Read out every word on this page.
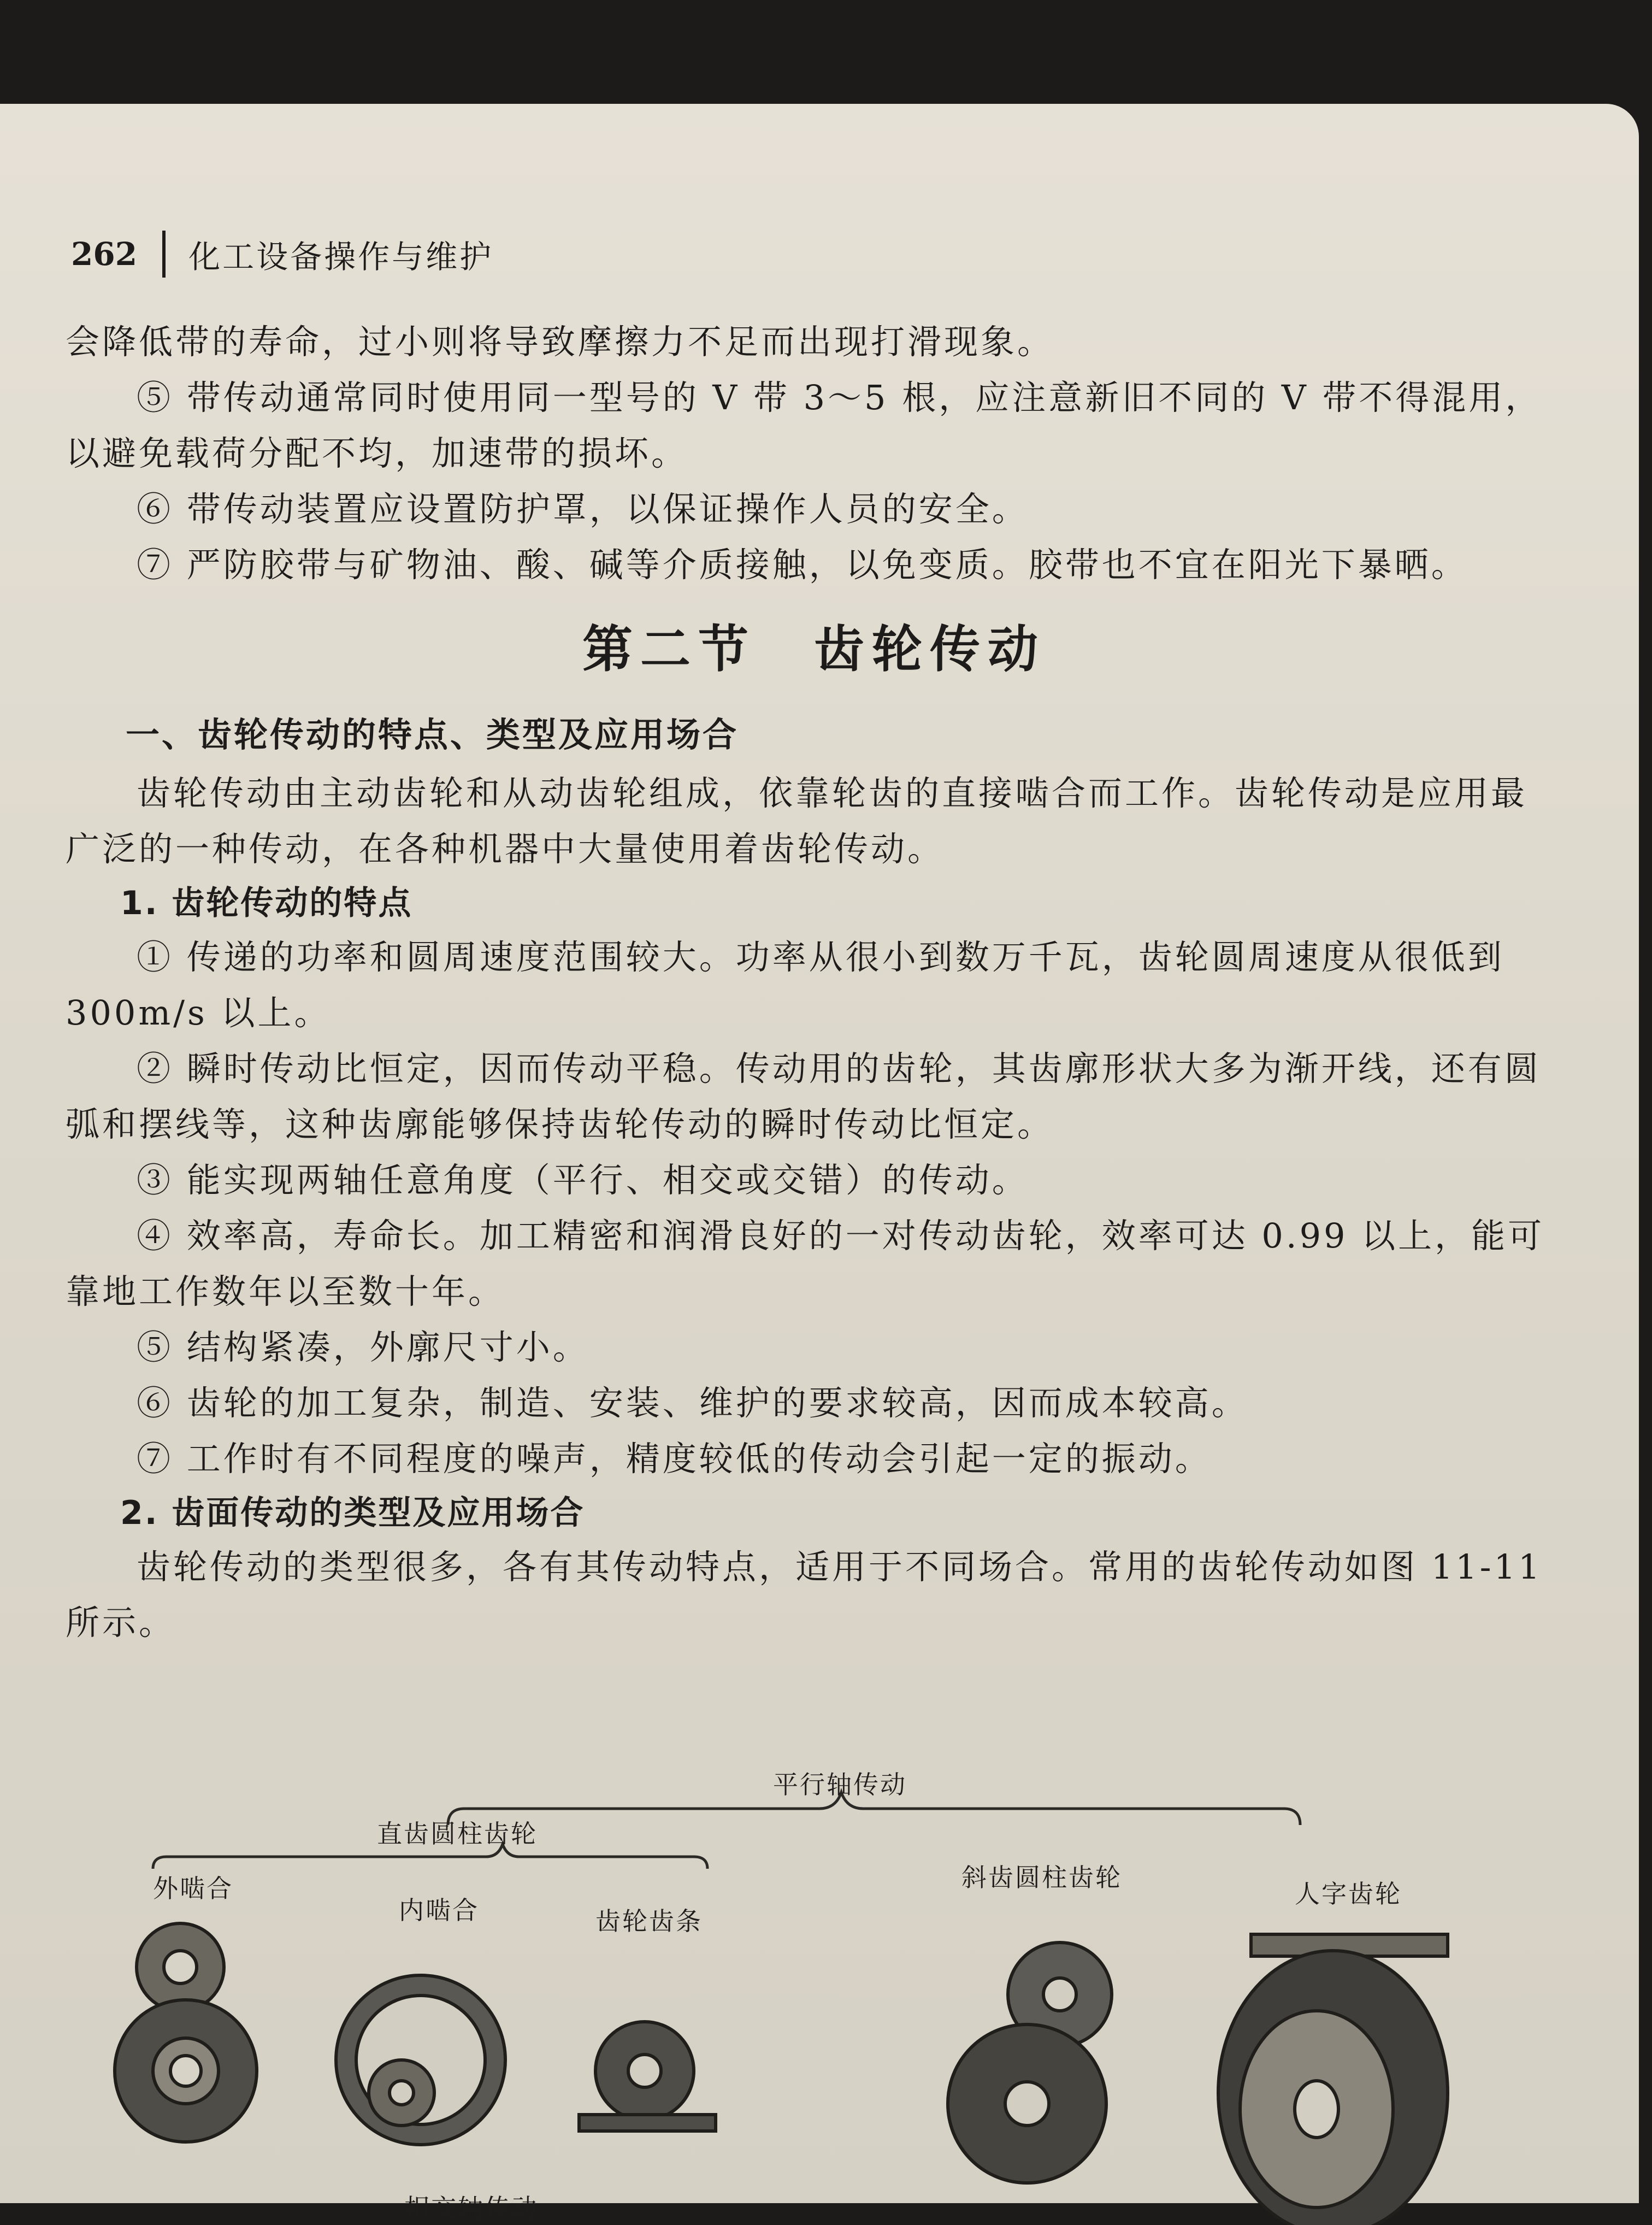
262 化工设备操作与维护

会降低带的寿命，过小则将导致摩擦力不足而出现打滑现象。

⑤ 带传动通常同时使用同一型号的 V 带 3～5 根，应注意新旧不同的 V 带不得混用，以避免载荷分配不均，加速带的损坏。

⑥ 带传动装置应设置防护罩，以保证操作人员的安全。

⑦ 严防胶带与矿物油、酸、碱等介质接触，以免变质。胶带也不宜在阳光下暴晒。

第二节　齿轮传动
一、齿轮传动的特点、类型及应用场合

齿轮传动由主动齿轮和从动齿轮组成，依靠轮齿的直接啮合而工作。齿轮传动是应用最广泛的一种传动，在各种机器中大量使用着齿轮传动。

1. 齿轮传动的特点

① 传递的功率和圆周速度范围较大。功率从很小到数万千瓦，齿轮圆周速度从很低到 300m/s 以上。

② 瞬时传动比恒定，因而传动平稳。传动用的齿轮，其齿廓形状大多为渐开线，还有圆弧和摆线等，这种齿廓能够保持齿轮传动的瞬时传动比恒定。

③ 能实现两轴任意角度（平行、相交或交错）的传动。

④ 效率高，寿命长。加工精密和润滑良好的一对传动齿轮，效率可达 0.99 以上，能可靠地工作数年以至数十年。

⑤ 结构紧凑，外廓尺寸小。

⑥ 齿轮的加工复杂，制造、安装、维护的要求较高，因而成本较高。

⑦ 工作时有不同程度的噪声，精度较低的传动会引起一定的振动。

2. 齿面传动的类型及应用场合

齿轮传动的类型很多，各有其传动特点，适用于不同场合。常用的齿轮传动如图 11-11 所示。

平行轴传动
直齿圆柱齿轮
外啮合
内啮合	齿轮齿条
斜齿圆柱齿轮
人字齿轮
相交轴传动
